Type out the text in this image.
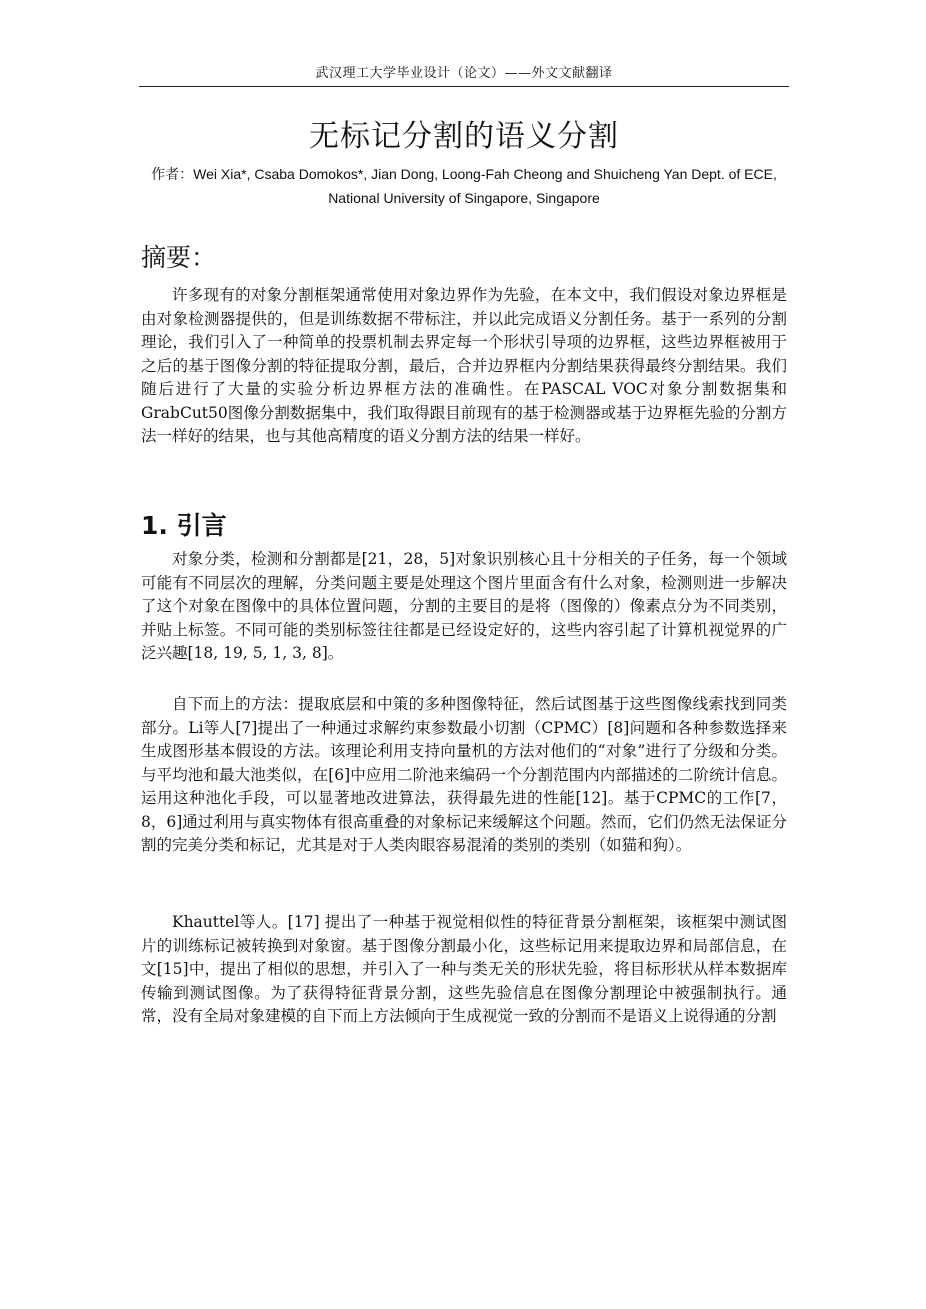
武汉理工大学毕业设计（论文）——外文文献翻译
无标记分割的语义分割
作者：Wei Xia*, Csaba Domokos*, Jian Dong, Loong-Fah Cheong and Shuicheng Yan Dept. of ECE,
National University of Singapore, Singapore
摘要：

许多现有的对象分割框架通常使用对象边界作为先验，在本文中，我们假设对象边界框是由对象检测器提供的，但是训练数据不带标注，并以此完成语义分割任务。基于一系列的分割理论，我们引入了一种简单的投票机制去界定每一个形状引导项的边界框，这些边界框被用于之后的基于图像分割的特征提取分割，最后，合并边界框内分割结果获得最终分割结果。我们随后进行了大量的实验分析边界框方法的准确性。在PASCAL VOC对象分割数据集和GrabCut50图像分割数据集中，我们取得跟目前现有的基于检测器或基于边界框先验的分割方法一样好的结果，也与其他高精度的语义分割方法的结果一样好。

1. 引言

对象分类，检测和分割都是[21，28，5]对象识别核心且十分相关的子任务，每一个领域可能有不同层次的理解，分类问题主要是处理这个图片里面含有什么对象，检测则进一步解决了这个对象在图像中的具体位置问题，分割的主要目的是将（图像的）像素点分为不同类别，并贴上标签。不同可能的类别标签往往都是已经设定好的，这些内容引起了计算机视觉界的广泛兴趣[18, 19, 5, 1, 3, 8]。

自下而上的方法：提取底层和中策的多种图像特征，然后试图基于这些图像线索找到同类部分。Li等人[7]提出了一种通过求解约束参数最小切割（CPMC）[8]问题和各种参数选择来生成图形基本假设的方法。该理论利用支持向量机的方法对他们的“对象”进行了分级和分类。与平均池和最大池类似，在[6]中应用二阶池来编码一个分割范围内内部描述的二阶统计信息。运用这种池化手段，可以显著地改进算法，获得最先进的性能[12]。基于CPMC的工作[7，8，6]通过利用与真实物体有很高重叠的对象标记来缓解这个问题。然而，它们仍然无法保证分割的完美分类和标记，尤其是对于人类肉眼容易混淆的类别的类别（如猫和狗）。

Khauttel等人。[17] 提出了一种基于视觉相似性的特征背景分割框架，该框架中测试图片的训练标记被转换到对象窗。基于图像分割最小化，这些标记用来提取边界和局部信息，在文[15]中，提出了相似的思想，并引入了一种与类无关的形状先验，将目标形状从样本数据库传输到测试图像。为了获得特征背景分割，这些先验信息在图像分割理论中被强制执行。通常，没有全局对象建模的自下而上方法倾向于生成视觉一致的分割而不是语义上说得通的分割
